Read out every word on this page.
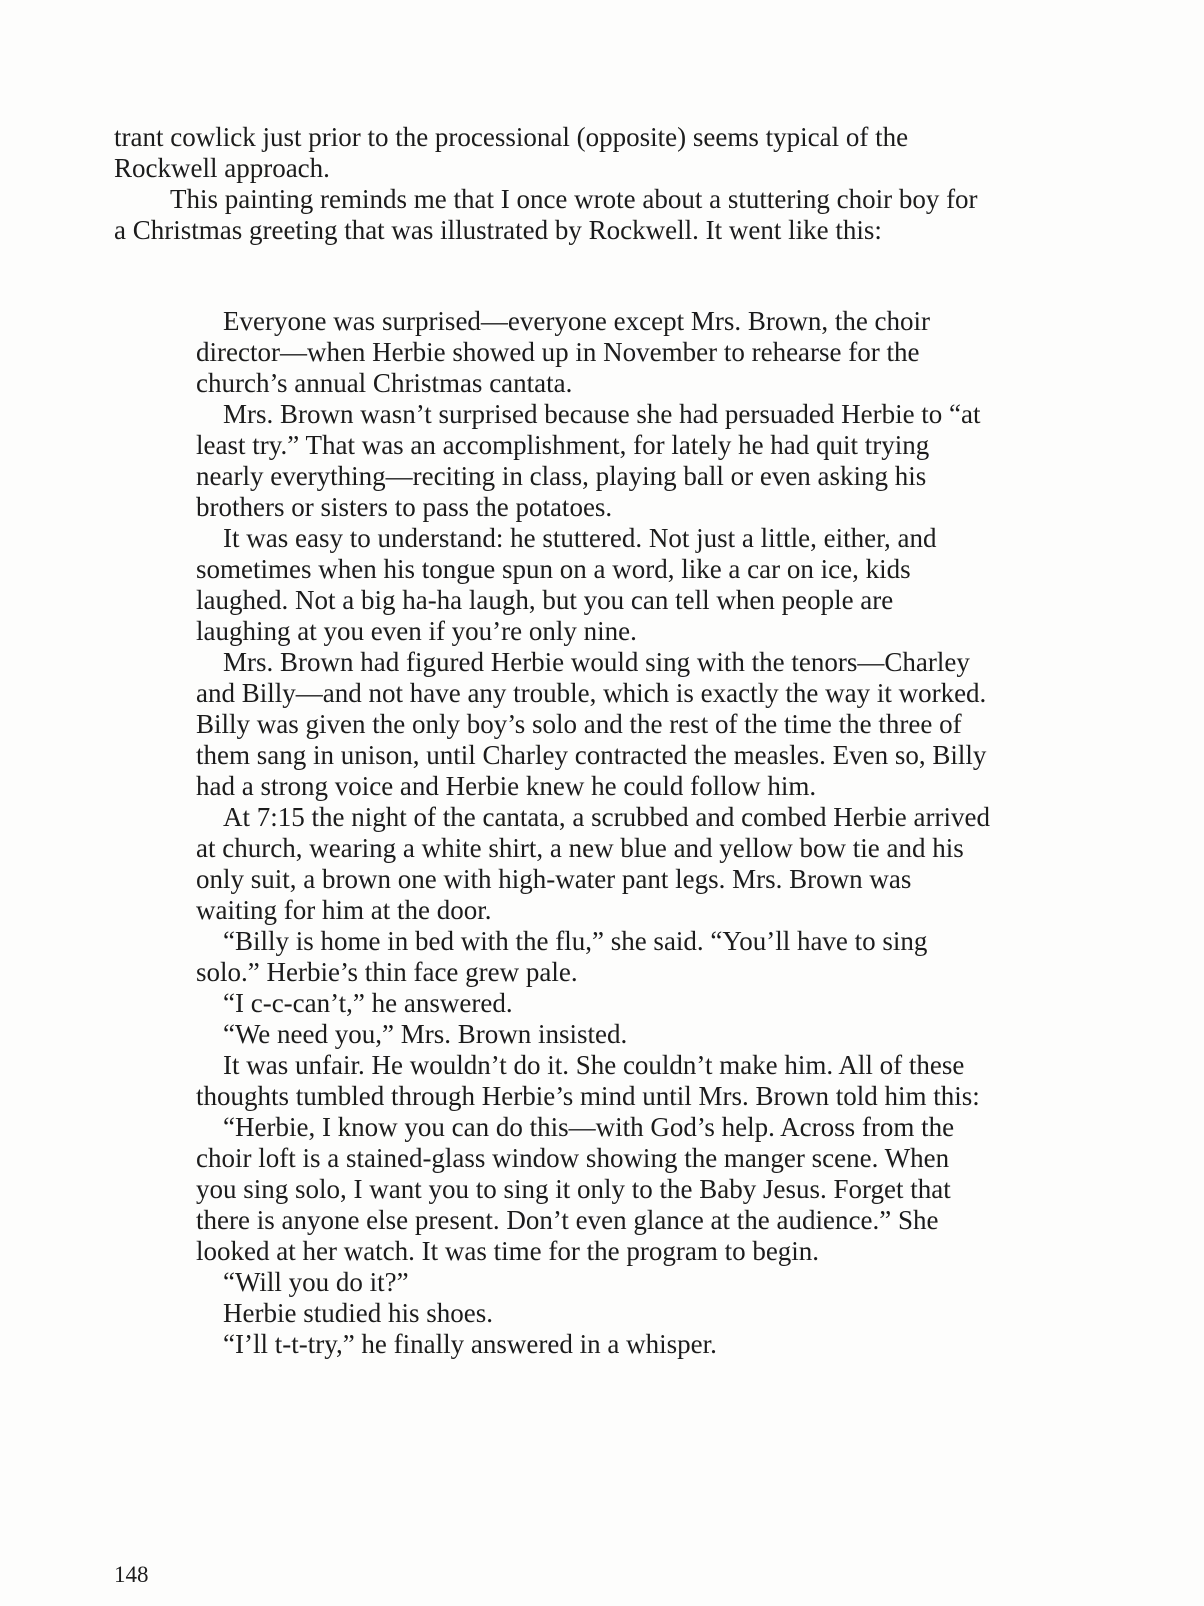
trant cowlick just prior to the processional (opposite) seems typical of the Rockwell approach.

This painting reminds me that I once wrote about a stuttering choir boy for a Christmas greeting that was illustrated by Rockwell. It went like this:

Everyone was surprised—everyone except Mrs. Brown, the choir director—when Herbie showed up in November to rehearse for the church’s annual Christmas cantata.

Mrs. Brown wasn’t surprised because she had persuaded Herbie to “at least try.” That was an accomplishment, for lately he had quit trying nearly everything—reciting in class, playing ball or even asking his brothers or sisters to pass the potatoes.

It was easy to understand: he stuttered. Not just a little, either, and sometimes when his tongue spun on a word, like a car on ice, kids laughed. Not a big ha-ha laugh, but you can tell when people are laughing at you even if you’re only nine.

Mrs. Brown had figured Herbie would sing with the tenors—Charley and Billy—and not have any trouble, which is exactly the way it worked. Billy was given the only boy’s solo and the rest of the time the three of them sang in unison, until Charley contracted the measles. Even so, Billy had a strong voice and Herbie knew he could follow him.

At 7:15 the night of the cantata, a scrubbed and combed Herbie arrived at church, wearing a white shirt, a new blue and yellow bow tie and his only suit, a brown one with high-water pant legs. Mrs. Brown was waiting for him at the door.

“Billy is home in bed with the flu,” she said. “You’ll have to sing solo.” Herbie’s thin face grew pale.

“I c-c-can’t,” he answered.

“We need you,” Mrs. Brown insisted.

It was unfair. He wouldn’t do it. She couldn’t make him. All of these thoughts tumbled through Herbie’s mind until Mrs. Brown told him this:

“Herbie, I know you can do this—with God’s help. Across from the choir loft is a stained-glass window showing the manger scene. When you sing solo, I want you to sing it only to the Baby Jesus. Forget that there is anyone else present. Don’t even glance at the audience.” She looked at her watch. It was time for the program to begin.

“Will you do it?”

Herbie studied his shoes.

“I’ll t-t-try,” he finally answered in a whisper.

148
